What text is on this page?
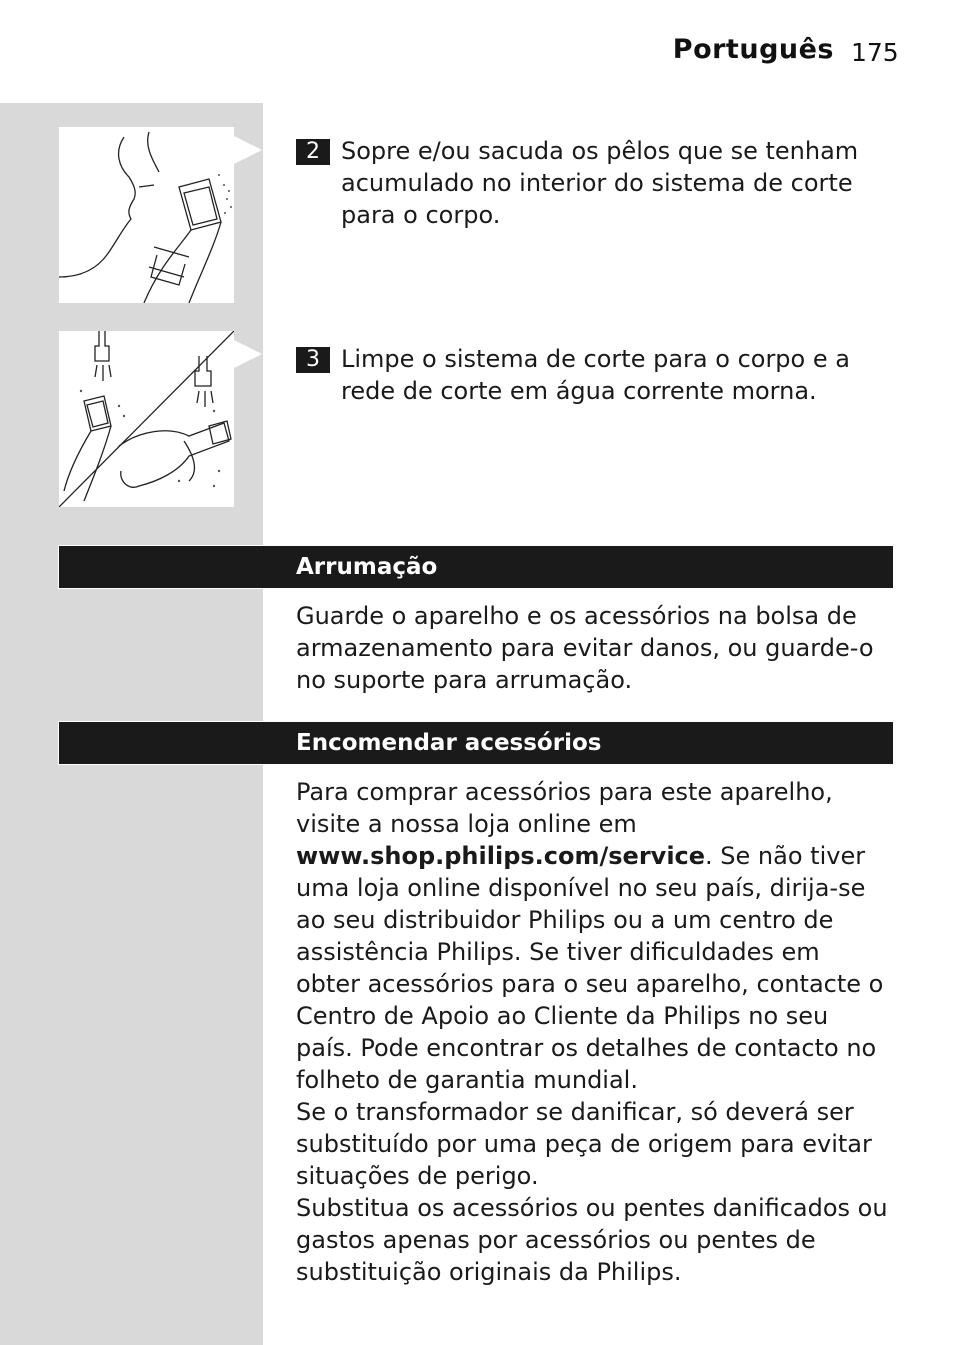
Português 175
2 Sopre e/ou sacuda os pêlos que se tenham acumulado no interior do sistema de corte para o corpo.
3 Limpe o sistema de corte para o corpo e a rede de corte em água corrente morna.
Arrumação

Guarde o aparelho e os acessórios na bolsa de armazenamento para evitar danos, ou guarde-o no suporte para arrumação.

Encomendar acessórios

Para comprar acessórios para este aparelho, visite a nossa loja online em www.shop.philips.com/service. Se não tiver uma loja online disponível no seu país, dirija-se ao seu distribuidor Philips ou a um centro de assistência Philips. Se tiver dificuldades em obter acessórios para o seu aparelho, contacte o Centro de Apoio ao Cliente da Philips no seu país. Pode encontrar os detalhes de contacto no folheto de garantia mundial.

Se o transformador se danificar, só deverá ser substituído por uma peça de origem para evitar situações de perigo.

Substitua os acessórios ou pentes danificados ou gastos apenas por acessórios ou pentes de substituição originais da Philips.
